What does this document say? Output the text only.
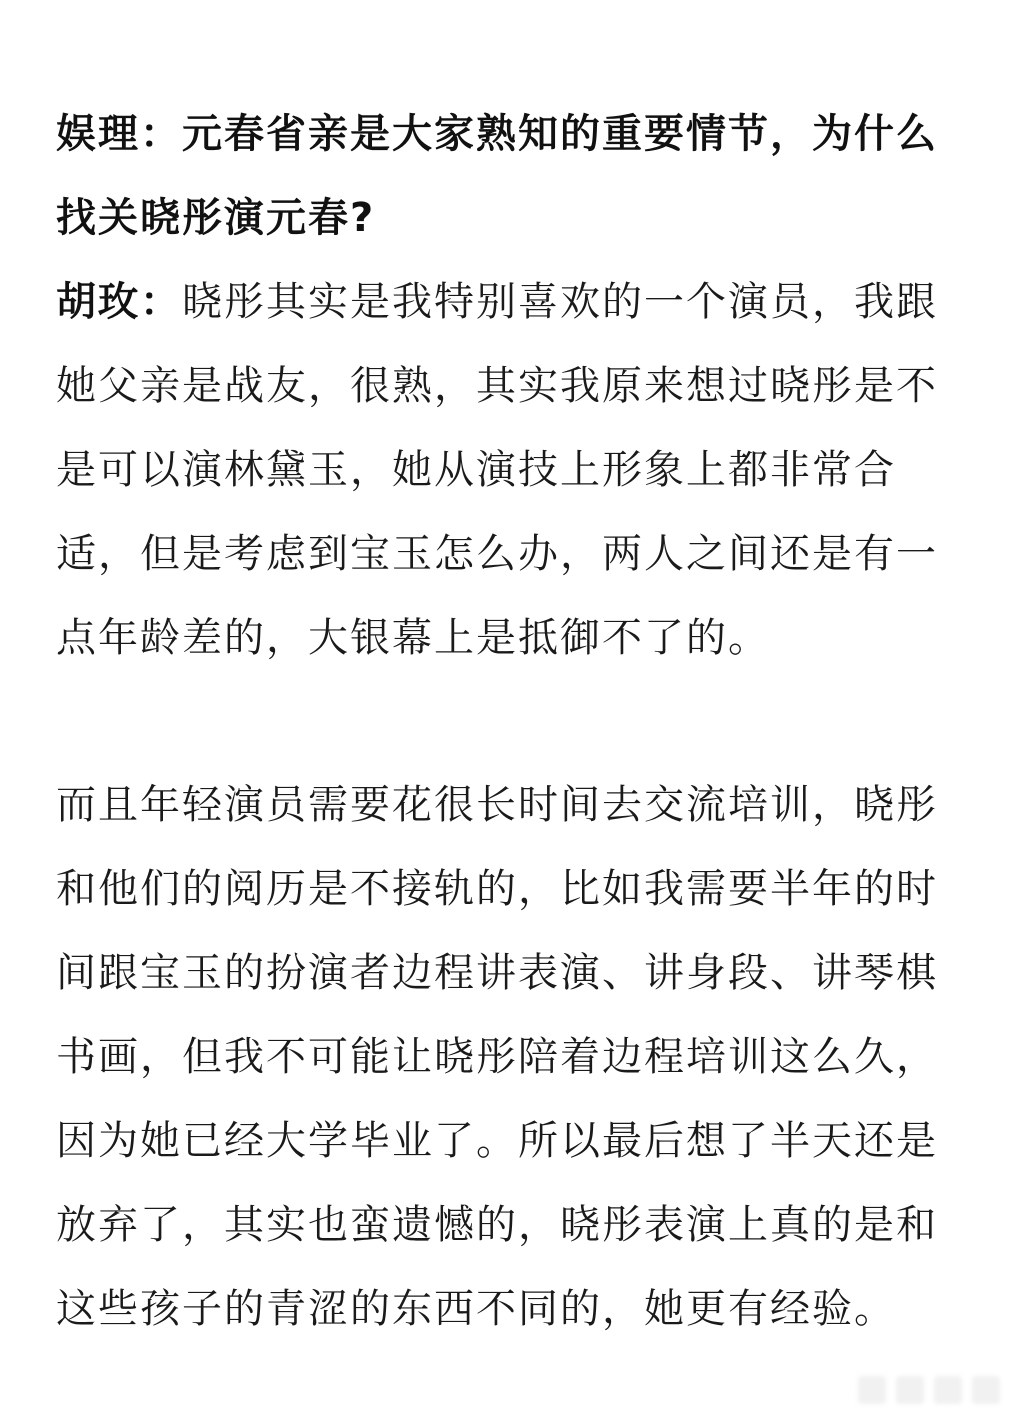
娱理：元春省亲是大家熟知的重要情节，为什么
找关晓彤演元春?
胡玫：晓彤其实是我特别喜欢的一个演员，我跟
她父亲是战友，很熟，其实我原来想过晓彤是不
是可以演林黛玉，她从演技上形象上都非常合
适，但是考虑到宝玉怎么办，两人之间还是有一
点年龄差的，大银幕上是抵御不了的。
而且年轻演员需要花很长时间去交流培训，晓彤
和他们的阅历是不接轨的，比如我需要半年的时
间跟宝玉的扮演者边程讲表演、讲身段、讲琴棋
书画，但我不可能让晓彤陪着边程培训这么久，
因为她已经大学毕业了。所以最后想了半天还是
放弃了，其实也蛮遗憾的，晓彤表演上真的是和
这些孩子的青涩的东西不同的，她更有经验。
